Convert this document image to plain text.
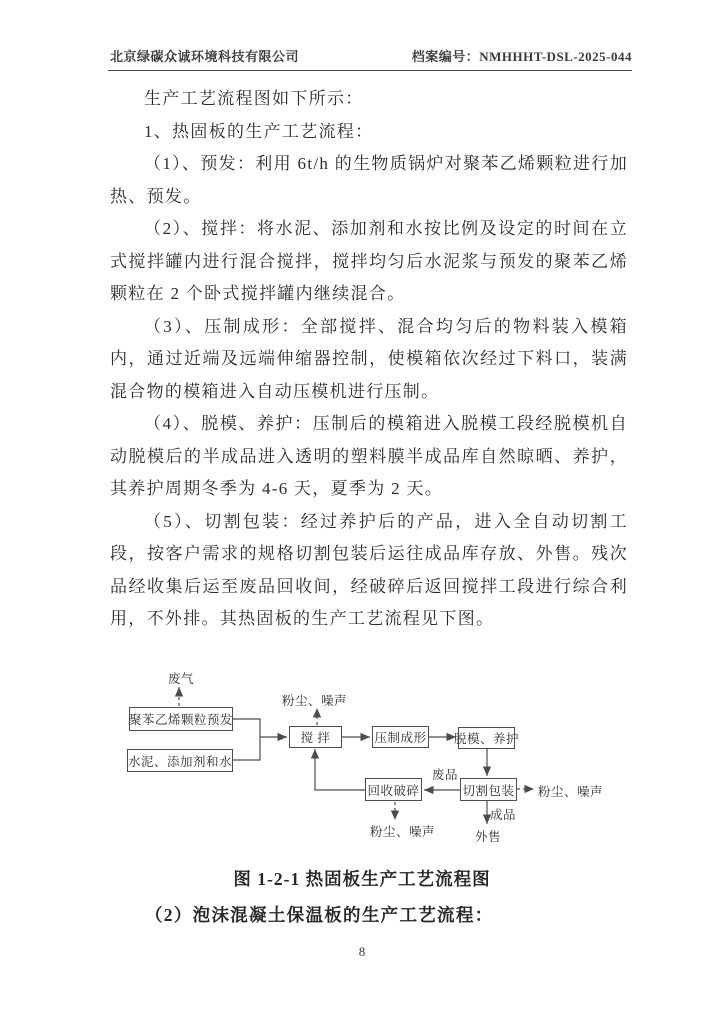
北京绿碳众诚环境科技有限公司	档案编号：NMHHHT-DSL-2025-044

生产工艺流程图如下所示：

1、热固板的生产工艺流程：

（1）、预发：利用 6t/h 的生物质锅炉对聚苯乙烯颗粒进行加热、预发。

（2）、搅拌：将水泥、添加剂和水按比例及设定的时间在立式搅拌罐内进行混合搅拌，搅拌均匀后水泥浆与预发的聚苯乙烯颗粒在 2 个卧式搅拌罐内继续混合。

（3）、压制成形：全部搅拌、混合均匀后的物料装入模箱内，通过近端及远端伸缩器控制，使模箱依次经过下料口，装满混合物的模箱进入自动压模机进行压制。

（4）、脱模、养护：压制后的模箱进入脱模工段经脱模机自动脱模后的半成品进入透明的塑料膜半成品库自然晾晒、养护，其养护周期冬季为 4-6 天，夏季为 2 天。

（5）、切割包装：经过养护后的产品，进入全自动切割工段，按客户需求的规格切割包装后运往成品库存放、外售。残次品经收集后运至废品回收间，经破碎后返回搅拌工段进行综合利用，不外排。其热固板的生产工艺流程见下图。

聚苯乙烯颗粒预发
水泥、添加剂和水
搅 拌	压制成形 脱模、养护
切割包装
回收破碎
废气
粉尘、噪声
废品
粉尘、噪声
粉尘、噪声
成品
外售
图 1-2-1 热固板生产工艺流程图
（2）泡沫混凝土保温板的生产工艺流程：
8
